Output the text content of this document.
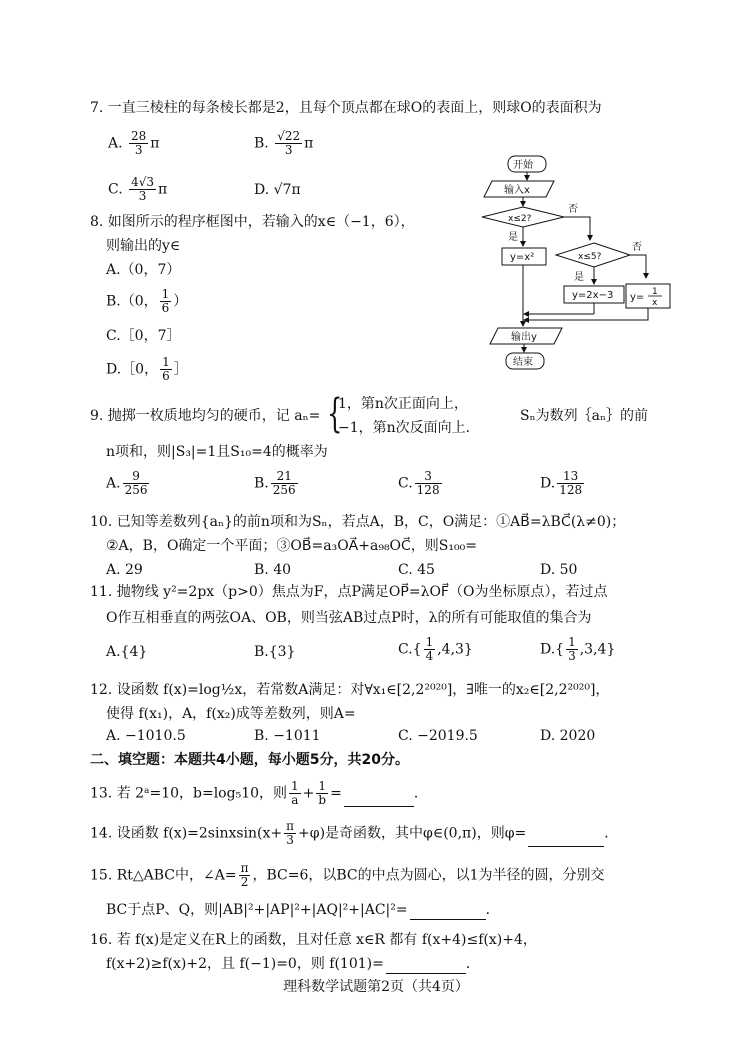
7. 一直三棱柱的每条棱长都是2，且每个顶点都在球O的表面上，则球O的表面积为
A. $\frac{28}{3}$ π	B. $\frac{√22}{3}$ π
C. $\frac{4√3}{3}$ π	D. √7π
8. 如图所示的程序框图中，若输入的x∈（−1，6），
则输出的y∈
A.（0，7）
B.（0， $\frac{1}{6}$ ）
C.［0，7］
D.［0， $\frac{1}{6}$ ］
开始
输入x
x≤2?
否
是
y=x²	x≤5?
否
是
y=2x−3 y= 1
x
输出y
结束
9. 抛掷一枚质地均匀的硬币，记 aₙ= {
1，第n次正面向上，
−1，第n次反面向上．
Sₙ为数列｛aₙ｝的前
n项和，则|S₃|=1且S₁₀=4的概率为
A. $\frac{9}{256}$	B. $\frac{21}{256}$	C. $\frac{3}{128}$	D. $\frac{13}{128}$
10. 已知等差数列{aₙ}的前n项和为Sₙ，若点A，B，C，O满足：①AB⃗=λBC⃗(λ≠0)；
②A，B，O确定一个平面；③OB⃗=a₃OA⃗+a₉₈OC⃗，则S₁₀₀=
A. 29	B. 40	C. 45	D. 50
11. 抛物线 y²=2px（p>0）焦点为F，点P满足OP⃗=λOF⃗（O为坐标原点），若过点
O作互相垂直的两弦OA、OB，则当弦AB过点P时，λ的所有可能取值的集合为
A.{4}	B.{3}	$C.\{ \frac{1}{4} ,4,3\}$	$D.\{ \frac{1}{3} ,3,4\}$
12. 设函数 f(x)=log½x，若常数A满足：对∀x₁∈[2,2²⁰²⁰]，∃唯一的x₂∈[2,2²⁰²⁰]，
使得 f(x₁)，A，f(x₂)成等差数列，则A=
A. −1010.5	B. −1011	C. −2019.5	D. 2020
二、填空题：本题共4小题，每小题5分，共20分。
13. 若 2ᵃ=10，b=log₅10，则 $\frac{1}{a} + \frac{1}{b}$ =	．
14. 设函数 f(x)=2sinxsin(x+ $\frac{\pi}{3} +\varphi$)是奇函数，其中φ∈(0,π)，则φ=	．
15. Rt△ABC中，∠A= $\frac{\pi}{2}$ ，BC=6，以BC的中点为圆心，以1为半径的圆，分别交
BC于点P、Q，则|AB|²+|AP|²+|AQ|²+|AC|²=	．
16. 若 f(x)是定义在R上的函数，且对任意 x∈R 都有 f(x+4)≤f(x)+4，
f(x+2)≥f(x)+2，且 f(−1)=0，则 f(101)=	．
理科数学试题第2页（共4页）
